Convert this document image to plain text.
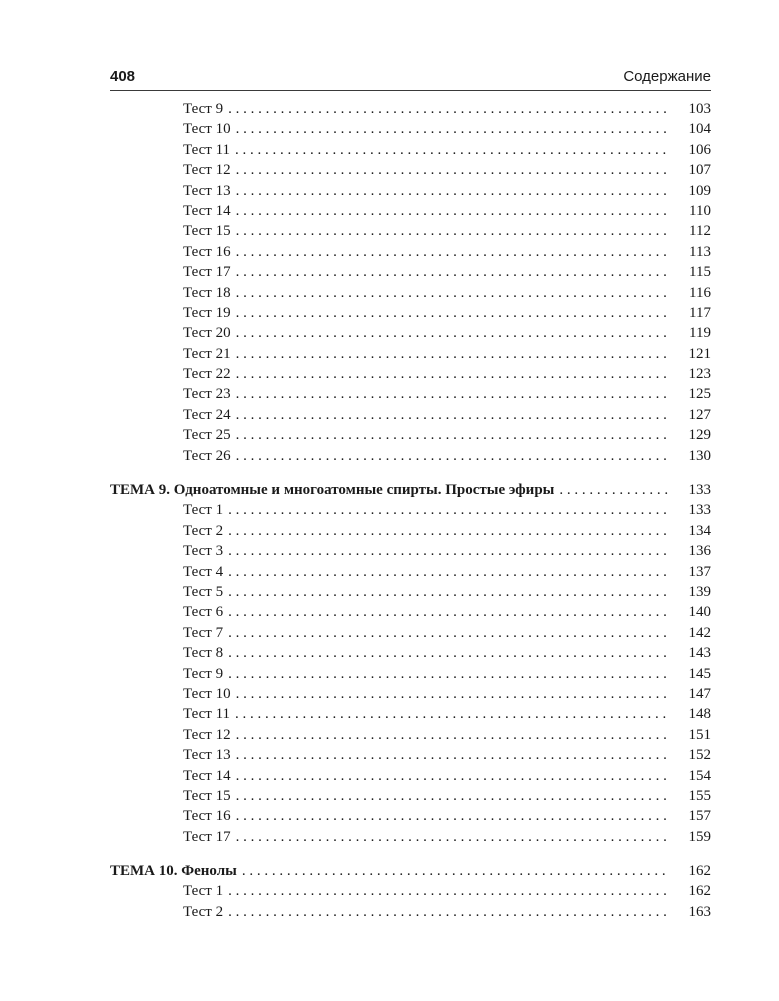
408	Содержание
Тест 9 . . .	103
Тест 10 . . .	104
Тест 11 . . .	106
Тест 12 . . .	107
Тест 13 . . .	109
Тест 14 . . .	110
Тест 15 . . .	112
Тест 16 . . .	113
Тест 17 . . .	115
Тест 18 . . .	116
Тест 19 . . .	117
Тест 20 . . .	119
Тест 21 . . .	121
Тест 22 . . .	123
Тест 23 . . .	125
Тест 24 . . .	127
Тест 25 . . .	129
Тест 26 . . .	130
ТЕМА 9. Одноатомные и многоатомные спирты. Простые эфиры . . .	133
Тест 1 . . .	133
Тест 2 . . .	134
Тест 3 . . .	136
Тест 4 . . .	137
Тест 5 . . .	139
Тест 6 . . .	140
Тест 7 . . .	142
Тест 8 . . .	143
Тест 9 . . .	145
Тест 10 . . .	147
Тест 11 . . .	148
Тест 12 . . .	151
Тест 13 . . .	152
Тест 14 . . .	154
Тест 15 . . .	155
Тест 16 . . .	157
Тест 17 . . .	159
ТЕМА 10. Фенолы . . .	162
Тест 1 . . .	162
Тест 2 . . .	163
